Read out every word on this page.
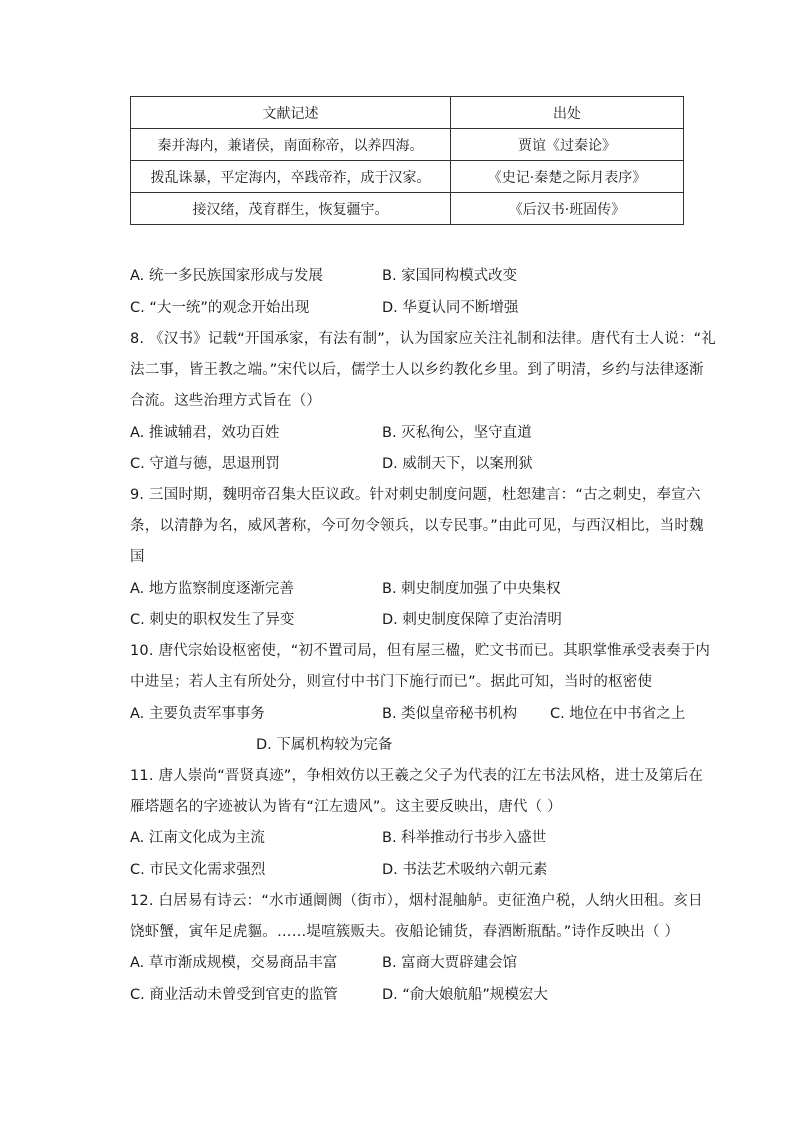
文献记述	出处
秦并海内，兼诸侯，南面称帝，以养四海。	贾谊《过秦论》
拨乱诛暴，平定海内，卒践帝祚，成于汉家。	《史记·秦楚之际月表序》
接汉绪，茂育群生，恢复疆宇。	《后汉书·班固传》
A. 统一多民族国家形成与发展	B. 家国同构模式改变
C. “大一统”的观念开始出现	D. 华夏认同不断增强
8. 《汉书》记载“开国承家，有法有制”，认为国家应关注礼制和法律。唐代有士人说：“礼
法二事，皆王教之端。”宋代以后，儒学士人以乡约教化乡里。到了明清，乡约与法律逐渐
合流。这些治理方式旨在（）
A. 推诚辅君，效功百姓	B. 灭私徇公，坚守直道
C. 守道与德，思退刑罚	D. 威制天下，以案刑狱
9. 三国时期，魏明帝召集大臣议政。针对刺史制度问题，杜恕建言：“古之刺史，奉宣六
条，以清静为名，威风著称，今可勿令领兵，以专民事。”由此可见，与西汉相比，当时魏
国
A. 地方监察制度逐渐完善	B. 刺史制度加强了中央集权
C. 刺史的职权发生了异变	D. 刺史制度保障了吏治清明
10. 唐代宗始设枢密使，“初不置司局，但有屋三楹，贮文书而已。其职掌惟承受表奏于内
中进呈；若人主有所处分，则宣付中书门下施行而已”。据此可知，当时的枢密使
A. 主要负责军事事务	B. 类似皇帝秘书机构 C. 地位在中书省之上
D. 下属机构较为完备
11. 唐人崇尚“晋贤真迹”，争相效仿以王羲之父子为代表的江左书法风格，进士及第后在
雁塔题名的字迹被认为皆有“江左遗风”。这主要反映出，唐代（ ）
A. 江南文化成为主流	B. 科举推动行书步入盛世
C. 市民文化需求强烈	D. 书法艺术吸纳六朝元素
12. 白居易有诗云：“水市通阛阓（街市），烟村混舳舻。吏征渔户税，人纳火田租。亥日
饶虾蟹，寅年足虎貙。……堤喧簇贩夫。夜船论铺货，春酒断瓶酤。”诗作反映出（ ）
A. 草市渐成规模，交易商品丰富	B. 富商大贾辟建会馆
C. 商业活动未曾受到官吏的监管	D. “俞大娘航船”规模宏大
